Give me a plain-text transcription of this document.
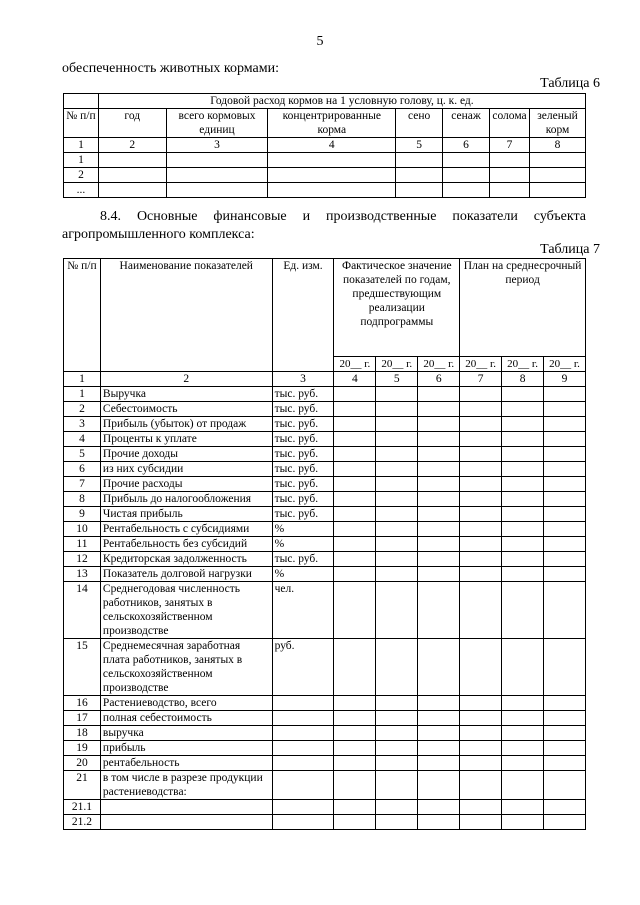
5
обеспеченность животных кормами:
Таблица 6
	Годовой расход кормов на 1 условную голову, ц. к. ед.						
№ п/п	год	всего кормовых единиц	концентрированные корма	сено	сенаж	солома	зеленый корм
1	2	3	4	5	6	7	8
1							
2							
...							
8.4. Основные финансовые и производственные показатели субъекта агропромышленного комплекса:
Таблица 7
№ п/п	Наименование показателей	Ед. изм.	Фактическое значение показателей по годам, предшествующим реализации подпрограммы			План на среднесрочный период		
			20__ г.	20__ г.	20__ г.	20__ г.	20__ г.	20__ г.
1	2	3	4	5	6	7	8	9
1	Выручка	тыс. руб.						
2	Себестоимость	тыс. руб.						
3	Прибыль (убыток) от продаж	тыс. руб.						
4	Проценты к уплате	тыс. руб.						
5	Прочие доходы	тыс. руб.						
6	из них субсидии	тыс. руб.						
7	Прочие расходы	тыс. руб.						
8	Прибыль до налогообложения	тыс. руб.						
9	Чистая прибыль	тыс. руб.						
10	Рентабельность с субсидиями	%						
11	Рентабельность без субсидий	%						
12	Кредиторская задолженность	тыс. руб.						
13	Показатель долговой нагрузки	%						
14	Среднегодовая численность работников, занятых в сельскохозяйственном производстве	чел.						
15	Среднемесячная заработная плата работников, занятых в сельскохозяйственном производстве	руб.						
16	Растениеводство, всего							
17	полная себестоимость							
18	выручка							
19	прибыль							
20	рентабельность							
21	в том числе в разрезе продукции растениеводства:							
21.1								
21.2								
